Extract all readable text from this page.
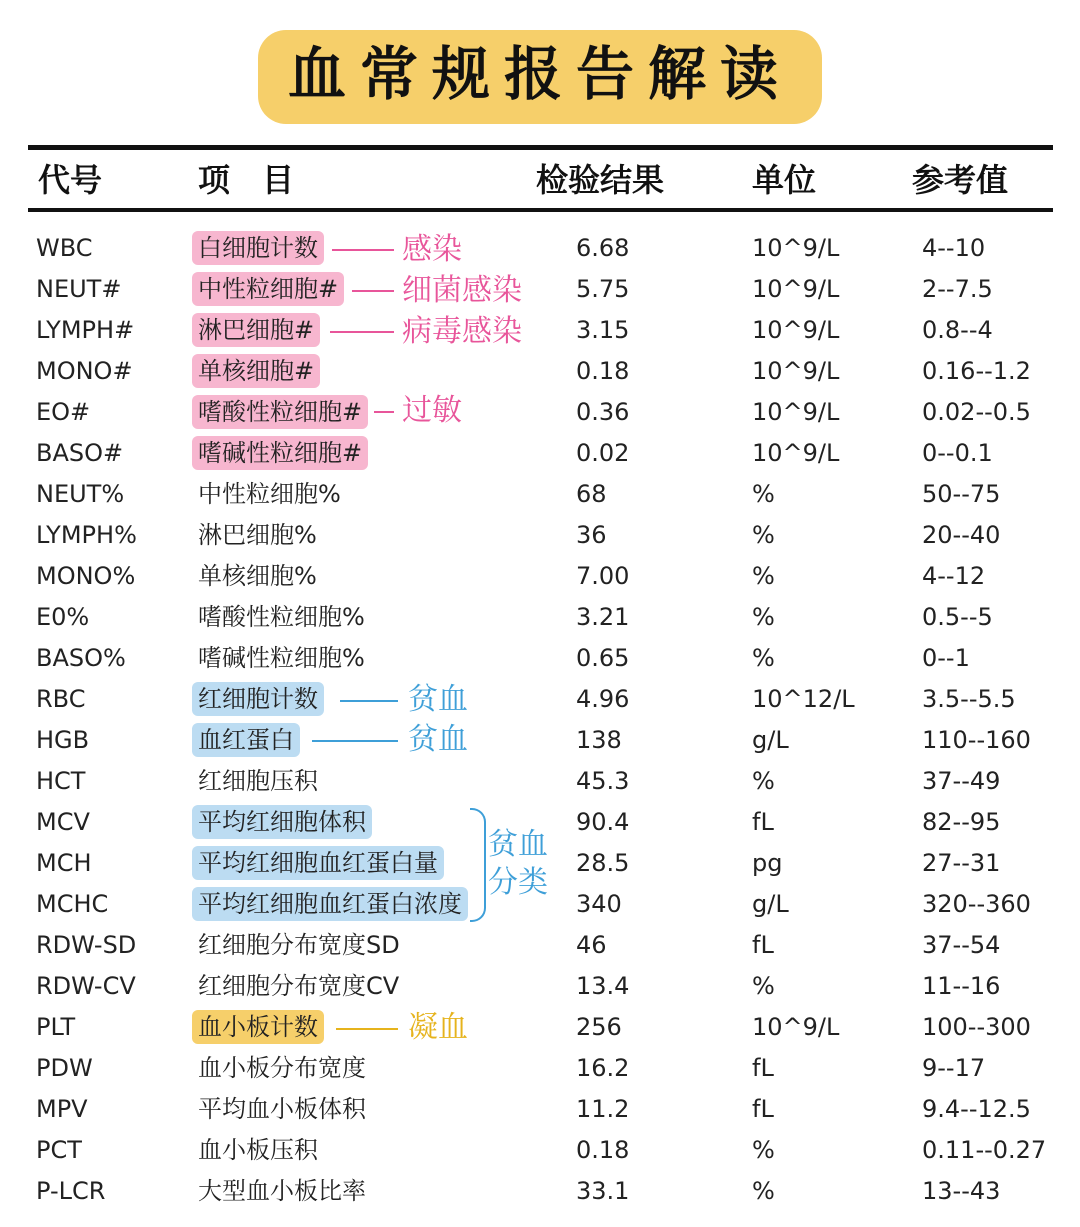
血常规报告解读
代号	项　目	检验结果	单位	参考值
WBC	白细胞计数	6.68	10^9/L	4--10
NEUT#	中性粒细胞#	5.75	10^9/L	2--7.5
LYMPH#	淋巴细胞#	3.15	10^9/L	0.8--4
MONO#	单核细胞#	0.18	10^9/L	0.16--1.2
EO#	嗜酸性粒细胞#	0.36	10^9/L	0.02--0.5
BASO#	嗜碱性粒细胞#	0.02	10^9/L	0--0.1
NEUT%	中性粒细胞%	68	%	50--75
LYMPH%	淋巴细胞%	36	%	20--40
MONO%	单核细胞%	7.00	%	4--12
E0%	嗜酸性粒细胞%	3.21	%	0.5--5
BASO%	嗜碱性粒细胞%	0.65	%	0--1
RBC	红细胞计数	4.96	10^12/L	3.5--5.5
HGB	血红蛋白	138	g/L	110--160
HCT	红细胞压积	45.3	%	37--49
MCV	平均红细胞体积	90.4	fL	82--95
MCH	平均红细胞血红蛋白量	28.5	pg	27--31
MCHC	平均红细胞血红蛋白浓度	340	g/L	320--360
RDW-SD	红细胞分布宽度SD	46	fL	37--54
RDW-CV	红细胞分布宽度CV	13.4	%	11--16
PLT	血小板计数	256	10^9/L	100--300
PDW	血小板分布宽度	16.2	fL	9--17
MPV	平均血小板体积	11.2	fL	9.4--12.5
PCT	血小板压积	0.18	%	0.11--0.27
P-LCR	大型血小板比率	33.1	%	13--43
感染
细菌感染
病毒感染
过敏
贫血
贫血
贫血
分类
凝血
